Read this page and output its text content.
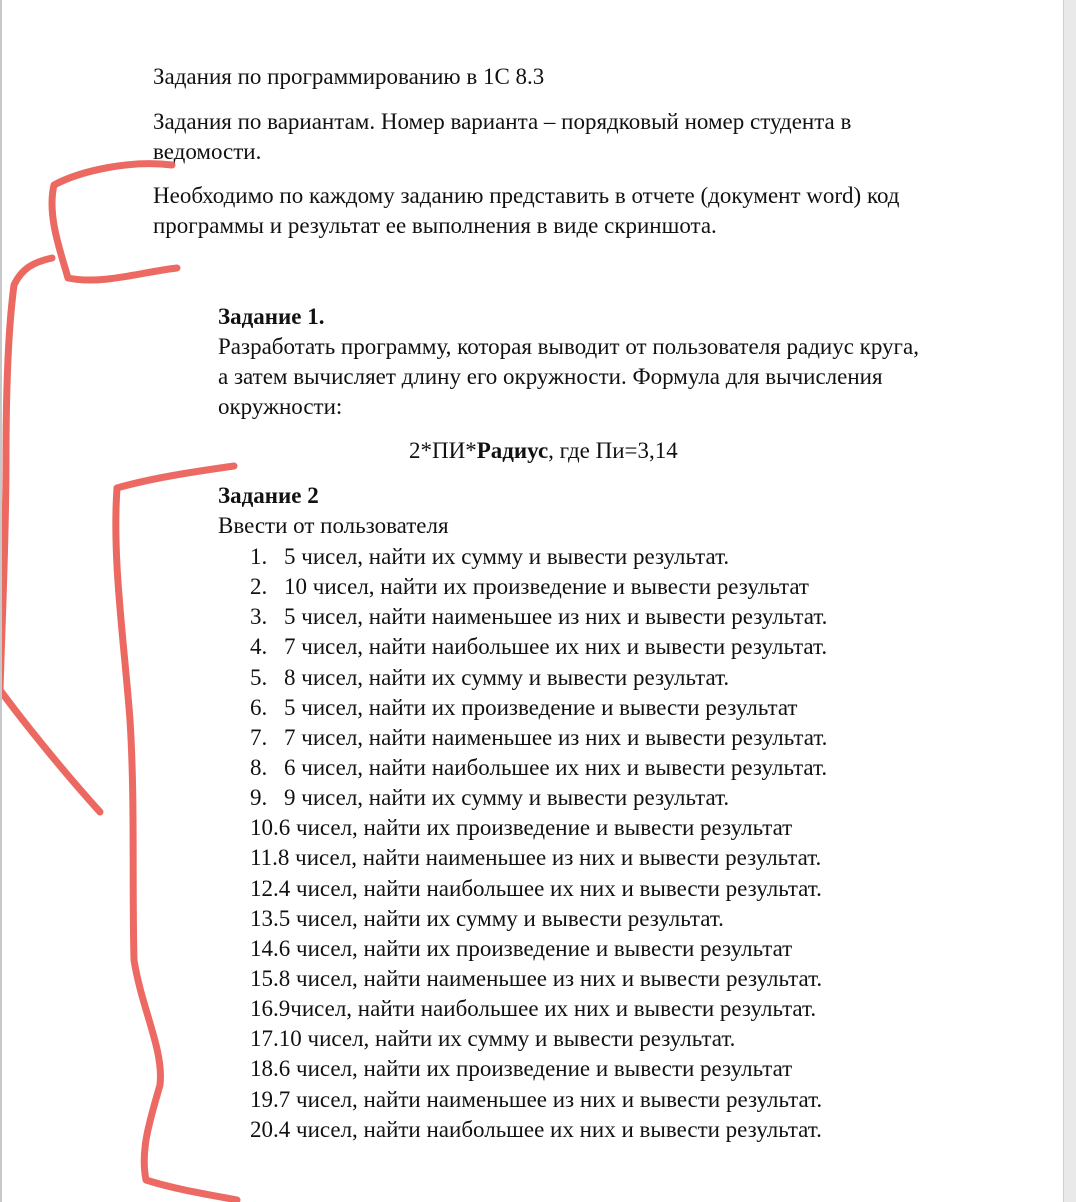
Задания по программированию в 1С 8.3
Задания по вариантам. Номер варианта – порядковый номер студента в
ведомости.
Необходимо по каждому заданию представить в отчете (документ word) код
программы и результат ее выполнения в виде скриншота.
Задание 1.
Разработать программу, которая выводит от пользователя радиус круга,
а затем вычисляет длину его окружности. Формула для вычисления
окружности:
2*ПИ*Радиус, где Пи=3,14
Задание 2
Ввести от пользователя
1. 5 чисел, найти их сумму и вывести результат.
2. 10 чисел, найти их произведение и вывести результат
3. 5 чисел, найти наименьшее из них и вывести результат.
4. 7 чисел, найти наибольшее их них и вывести результат.
5. 8 чисел, найти их сумму и вывести результат.
6. 5 чисел, найти их произведение и вывести результат
7. 7 чисел, найти наименьшее из них и вывести результат.
8. 6 чисел, найти наибольшее их них и вывести результат.
9. 9 чисел, найти их сумму и вывести результат.
10. 6 чисел, найти их произведение и вывести результат
11. 8 чисел, найти наименьшее из них и вывести результат.
12. 4 чисел, найти наибольшее их них и вывести результат.
13. 5 чисел, найти их сумму и вывести результат.
14. 6 чисел, найти их произведение и вывести результат
15. 8 чисел, найти наименьшее из них и вывести результат.
16. 9чисел, найти наибольшее их них и вывести результат.
17. 10 чисел, найти их сумму и вывести результат.
18. 6 чисел, найти их произведение и вывести результат
19. 7 чисел, найти наименьшее из них и вывести результат.
20. 4 чисел, найти наибольшее их них и вывести результат.
